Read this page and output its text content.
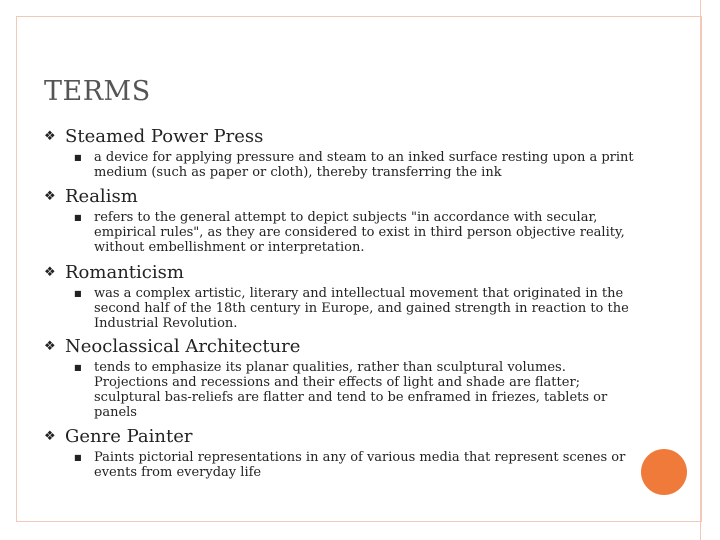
TERMS
❖ Steamed Power Press
■ a device for applying pressure and steam to an inked surface resting upon a print medium (such as paper or cloth), thereby transferring the ink
❖ Realism
■ refers to the general attempt to depict subjects "in accordance with secular, empirical rules", as they are considered to exist in third person objective reality, without embellishment or interpretation.
❖ Romanticism
■ was a complex artistic, literary and intellectual movement that originated in the second half of the 18th century in Europe, and gained strength in reaction to the Industrial Revolution.
❖ Neoclassical Architecture
■ tends to emphasize its planar qualities, rather than sculptural volumes. Projections and recessions and their effects of light and shade are flatter; sculptural bas-reliefs are flatter and tend to be enframed in friezes, tablets or panels
❖ Genre Painter
■ Paints pictorial representations in any of various media that represent scenes or events from everyday life
